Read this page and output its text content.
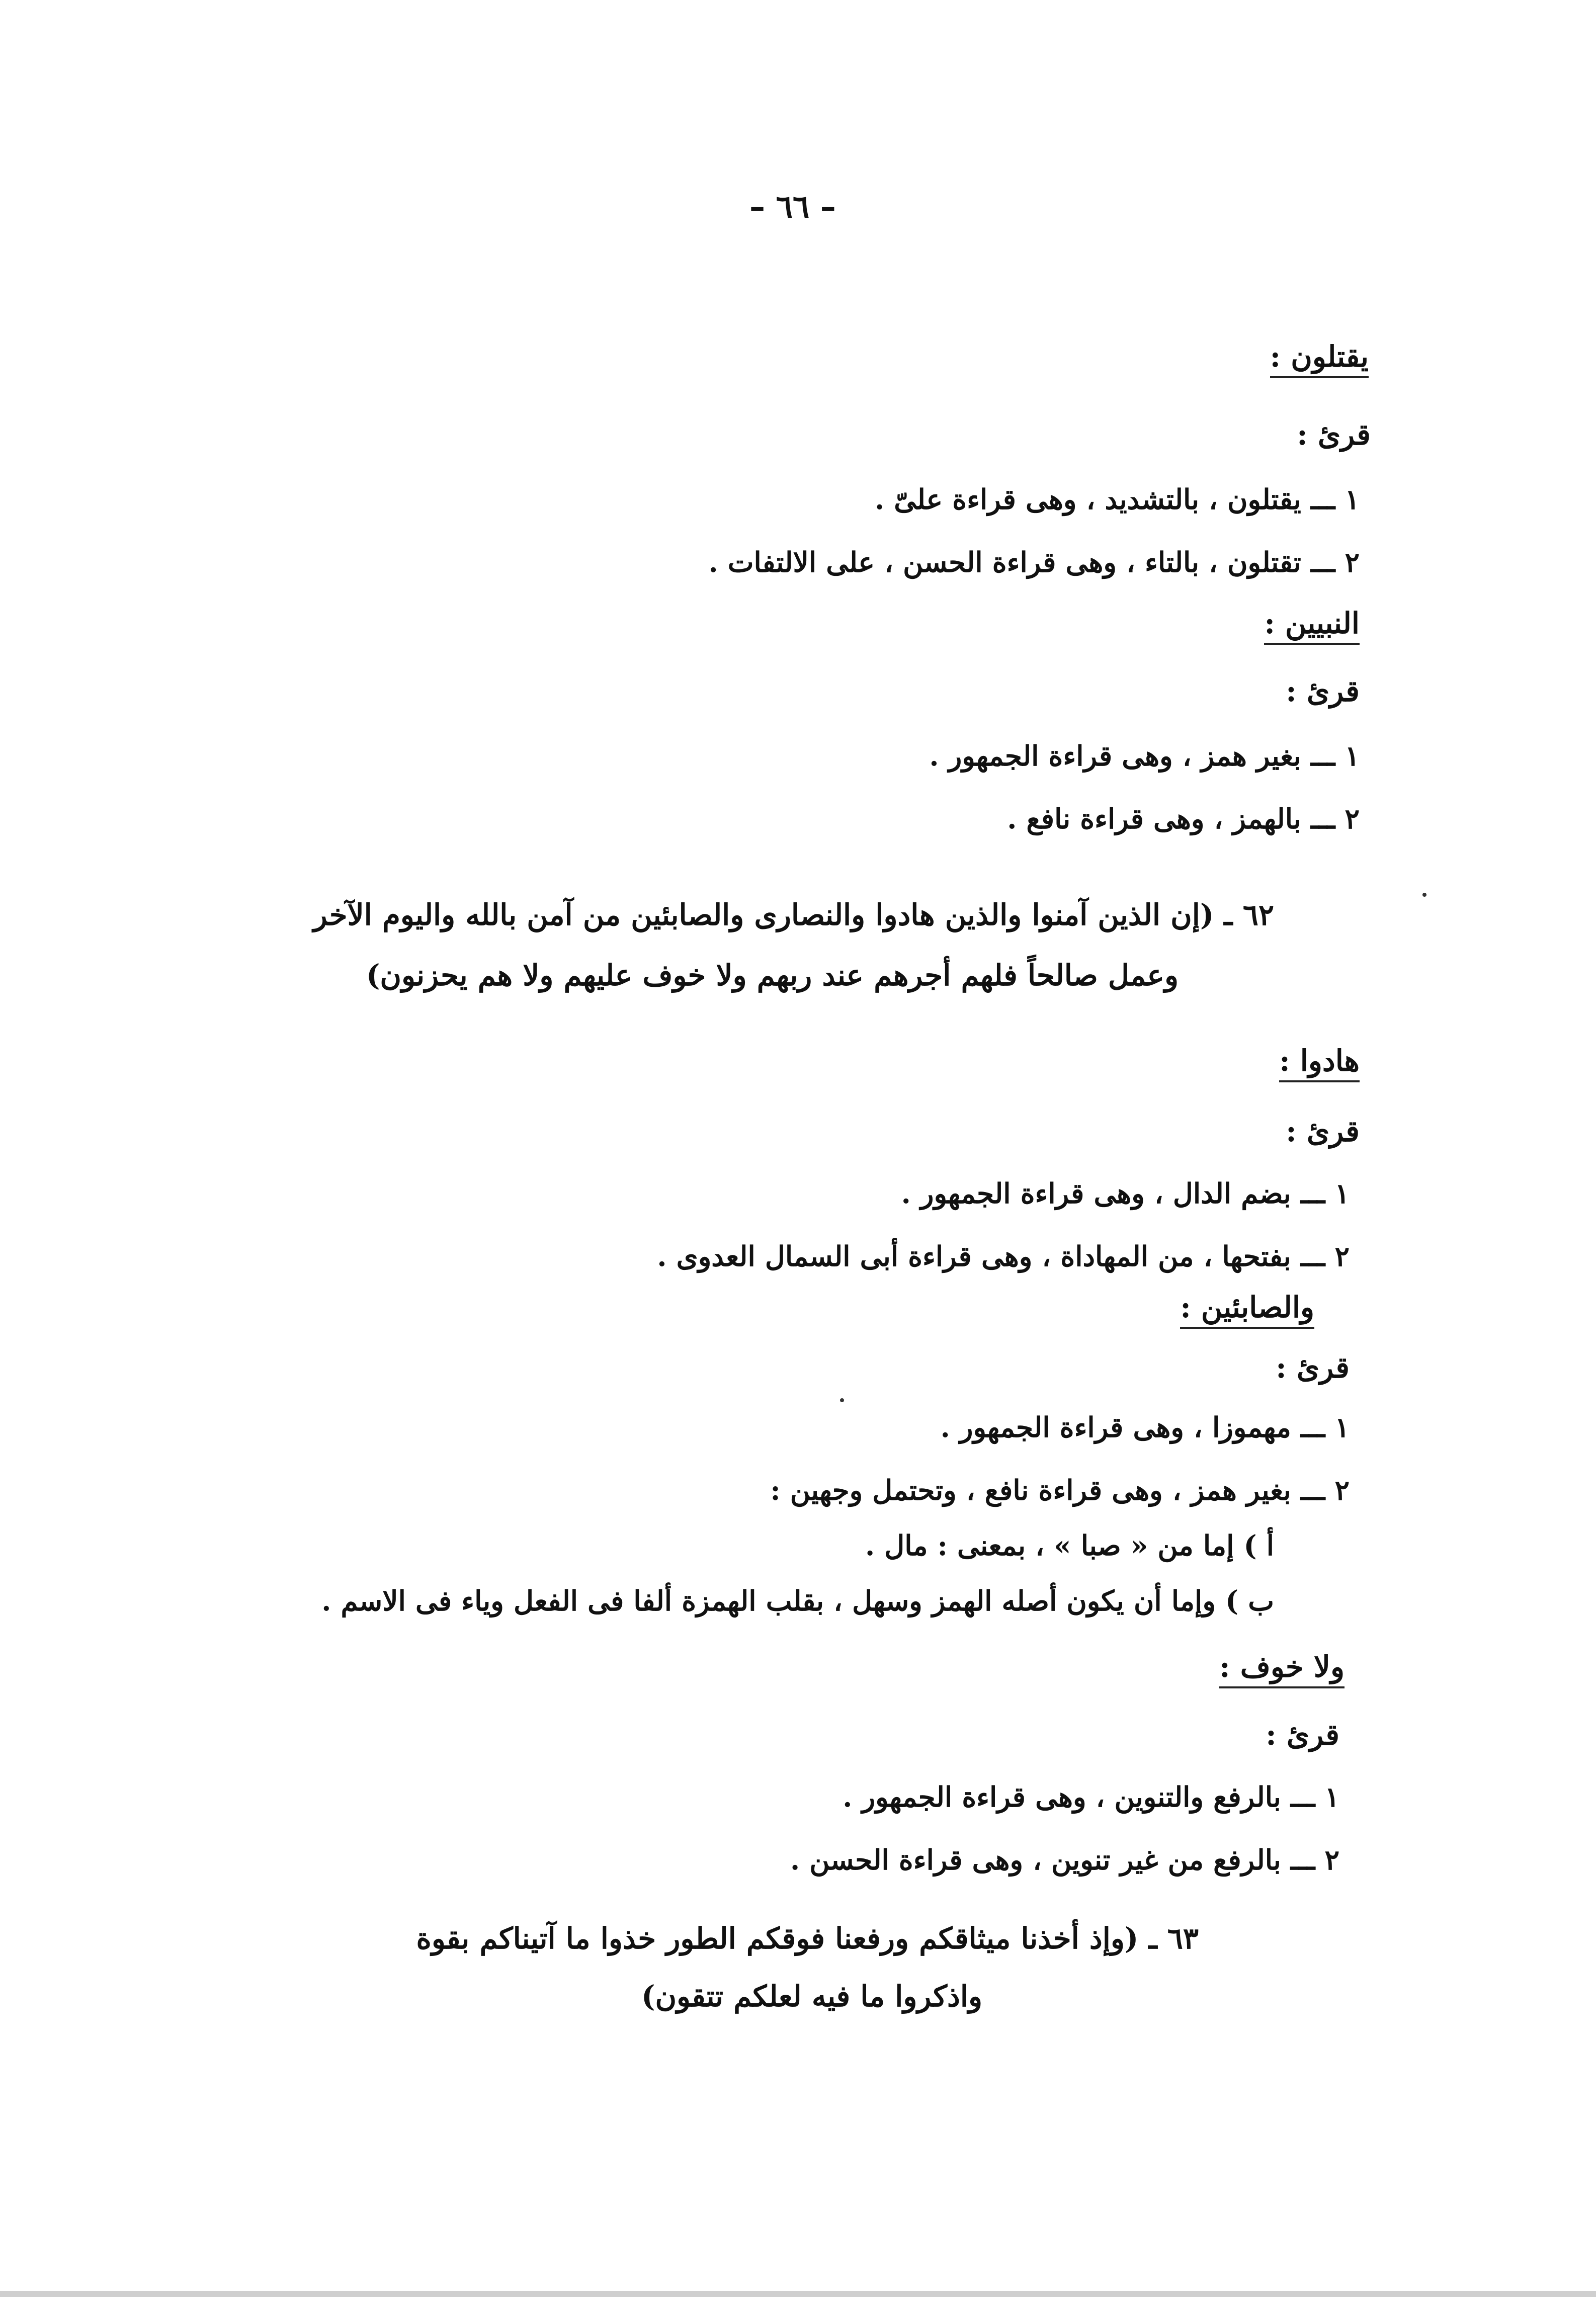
– ٦٦ –
يقتلون :
قرئ :
١ ـــ يقتلون ، بالتشديد ، وهى قراءة علىّ .
٢ ـــ تقتلون ، بالتاء ، وهى قراءة الحسن ، على الالتفات .
النبيين :
قرئ :
١ ـــ بغير همز ، وهى قراءة الجمهور .
٢ ـــ بالهمز ، وهى قراءة نافع .
٦٢ ـ (إن الذين آمنوا والذين هادوا والنصارى والصابئين من آمن بالله واليوم الآخر
وعمل صالحاً فلهم أجرهم عند ربهم ولا خوف عليهم ولا هم يحزنون)
هادوا :
قرئ :
١ ـــ بضم الدال ، وهى قراءة الجمهور .
٢ ـــ بفتحها ، من المهاداة ، وهى قراءة أبى السمال العدوى .
والصابئين :
قرئ :
١ ـــ مهموزا ، وهى قراءة الجمهور .
٢ ـــ بغير همز ، وهى قراءة نافع ، وتحتمل وجهين :
أ ) إما من « صبا » ، بمعنى : مال .
ب ) وإما أن يكون أصله الهمز وسهل ، بقلب الهمزة ألفا فى الفعل وياء فى الاسم .
ولا خوف :
قرئ :
١ ـــ بالرفع والتنوين ، وهى قراءة الجمهور .
٢ ـــ بالرفع من غير تنوين ، وهى قراءة الحسن .
٦٣ ـ (وإذ أخذنا ميثاقكم ورفعنا فوقكم الطور خذوا ما آتيناكم بقوة
واذكروا ما فيه لعلكم تتقون)
